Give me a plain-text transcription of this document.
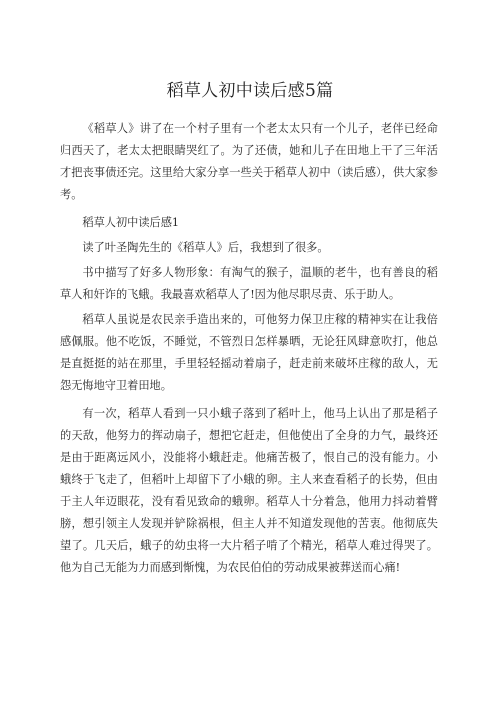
稻草人初中读后感5篇

《稻草人》讲了在一个村子里有一个老太太只有一个儿子，老伴已经命归西天了，老太太把眼睛哭红了。为了还债，她和儿子在田地上干了三年活才把丧事债还完。这里给大家分享一些关于稻草人初中（读后感），供大家参考。

稻草人初中读后感1

读了叶圣陶先生的《稻草人》后，我想到了很多。

书中描写了好多人物形象：有淘气的猴子，温顺的老牛，也有善良的稻草人和奸诈的飞蛾。我最喜欢稻草人了!因为他尽职尽责、乐于助人。

稻草人虽说是农民亲手造出来的，可他努力保卫庄稼的精神实在让我倍感佩服。他不吃饭，不睡觉，不管烈日怎样暴晒，无论狂风肆意吹打，他总是直挺挺的站在那里，手里轻轻摇动着扇子，赶走前来破坏庄稼的敌人，无怨无悔地守卫着田地。

有一次，稻草人看到一只小蛾子落到了稻叶上，他马上认出了那是稻子的天敌，他努力的挥动扇子，想把它赶走，但他使出了全身的力气，最终还是由于距离远风小，没能将小蛾赶走。他痛苦极了，恨自己的没有能力。小蛾终于飞走了，但稻叶上却留下了小蛾的卵。主人来查看稻子的长势，但由于主人年迈眼花，没有看见致命的蛾卵。稻草人十分着急，他用力抖动着臂膀，想引领主人发现并铲除祸根，但主人并不知道发现他的苦衷。他彻底失望了。几天后，蛾子的幼虫将一大片稻子啃了个精光，稻草人难过得哭了。他为自己无能为力而感到惭愧，为农民伯伯的劳动成果被葬送而心痛!
